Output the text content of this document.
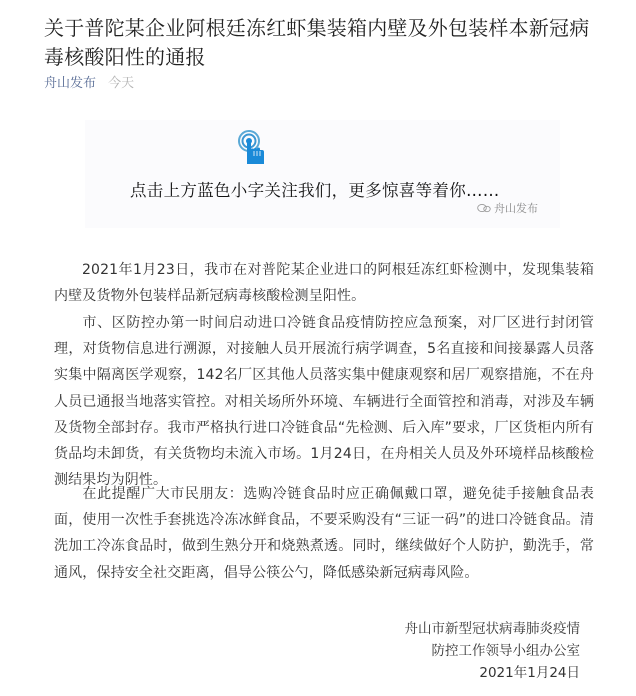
关于普陀某企业阿根廷冻红虾集装箱内壁及外包装样本新冠病毒核酸阳性的通报
舟山发布 今天
点击上方蓝色小字关注我们，更多惊喜等着你……
舟山发布

2021年1月23日，我市在对普陀某企业进口的阿根廷冻红虾检测中，发现集装箱内壁及货物外包装样品新冠病毒核酸检测呈阳性。

市、区防控办第一时间启动进口冷链食品疫情防控应急预案，对厂区进行封闭管理，对货物信息进行溯源，对接触人员开展流行病学调查，5名直接和间接暴露人员落实集中隔离医学观察，142名厂区其他人员落实集中健康观察和居厂观察措施，不在舟人员已通报当地落实管控。对相关场所外环境、车辆进行全面管控和消毒，对涉及车辆及货物全部封存。我市严格执行进口冷链食品“先检测、后入库”要求，厂区货柜内所有货品均未卸货，有关货物均未流入市场。1月24日，在舟相关人员及外环境样品核酸检测结果均为阴性。

在此提醒广大市民朋友：选购冷链食品时应正确佩戴口罩，避免徒手接触食品表面，使用一次性手套挑选冷冻冰鲜食品，不要采购没有“三证一码”的进口冷链食品。清洗加工冷冻食品时，做到生熟分开和烧熟煮透。同时，继续做好个人防护，勤洗手，常通风，保持安全社交距离，倡导公筷公勺，降低感染新冠病毒风险。

舟山市新型冠状病毒肺炎疫情
防控工作领导小组办公室
2021年1月24日
